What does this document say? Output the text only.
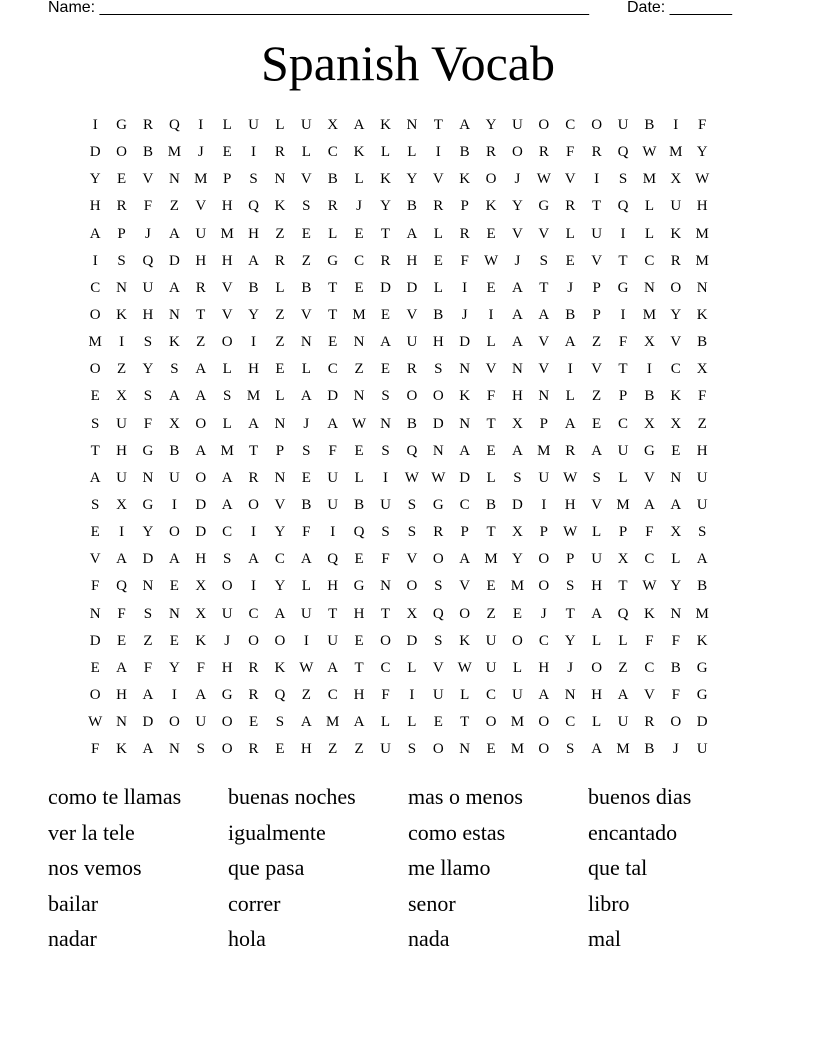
Name: _______________________________________________________ Date: _______
Spanish Vocab
I	G	R	Q	I	L	U	L	U	X	A	K	N	T	A	Y	U	O	C	O	U	B	I	F
D	O	B M	J	E	I	R	L	C	K	L	L	I	B	R	O	R	F	R	Q W M Y
Y	E	V	N M	P	S	N	V	B	L	K	Y	V	K	O	J	W V	I	S	M X W
H	R	F	Z	V	H	Q	K	S	R	J	Y	B	R	P	K	Y	G	R	T	Q	L	U	H
A	P	J	A	U M H	Z	E	L	E	T	A	L	R	E	V	V	L	U	I	L	K M
I	S	Q	D	H	H	A	R	Z	G	C	R	H	E	F	W	J	S	E	V	T	C	R M
C	N	U	A	R	V	B	L	B	T	E	D	D	L	I	E	A	T	J	P	G	N	O	N
O	K	H	N	T	V	Y	Z	V	T	M	E	V	B	J	I	A	A	B	P	I	M Y	K
M	I	S	K	Z	O	I	Z	N	E	N	A	U	H	D	L	A	V	A	Z	F	X	V	B
O	Z	Y	S	A	L	H	E	L	C	Z	E	R	S	N	V	N	V	I	V	T	I	C	X
E	X	S	A	A	S	M	L	A	D	N	S	O	O	K	F	H	N	L	Z	P	B	K	F
S	U	F	X	O	L	A	N	J	A W N	B	D	N	T	X	P	A	E	C	X	X	Z
T	H	G	B	A M	T	P	S	F	E	S	Q	N	A	E	A M R	A	U	G	E	H
A	U	N	U	O	A	R	N	E	U	L	I	W W D	L	S	U W	S	L	V	N	U
S	X	G	I	D	A	O	V	B	U	B	U	S	G	C	B	D	I	H	V M A	A	U
E	I	Y	O	D	C	I	Y	F	I	Q	S	S	R	P	T	X	P	W L	P	F	X	S
V	A	D	A	H	S	A	C	A	Q	E	F	V	O	A M Y	O	P	U	X	C	L	A
F	Q	N	E	X	O	I	Y	L	H	G	N	O	S	V	E	M O	S	H	T W Y	B
N	F	S	N	X	U	C	A	U	T	H	T	X	Q	O	Z	E	J	T	A	Q	K	N M
D	E	Z	E	K	J	O	O	I	U	E	O	D	S	K	U	O	C	Y	L	L	F	F	K
E	A	F	Y	F	H	R	K W A	T	C	L	V W U	L	H	J	O	Z	C	B	G
O	H	A	I	A	G	R	Q	Z	C	H	F	I	U	L	C	U	A	N	H	A	V	F	G
W N	D	O	U	O	E	S	A M A	L	L	E	T	O M O	C	L	U	R	O	D
F	K	A	N	S	O	R	E	H	Z	Z	U	S	O	N	E	M O	S	A M B	J	U
como te llamas	buenas noches	mas o menos	buenos dias
ver la tele	igualmente	como estas	encantado
nos vemos	que pasa	me llamo	que tal
bailar	correr	senor	libro
nadar	hola	nada	mal
